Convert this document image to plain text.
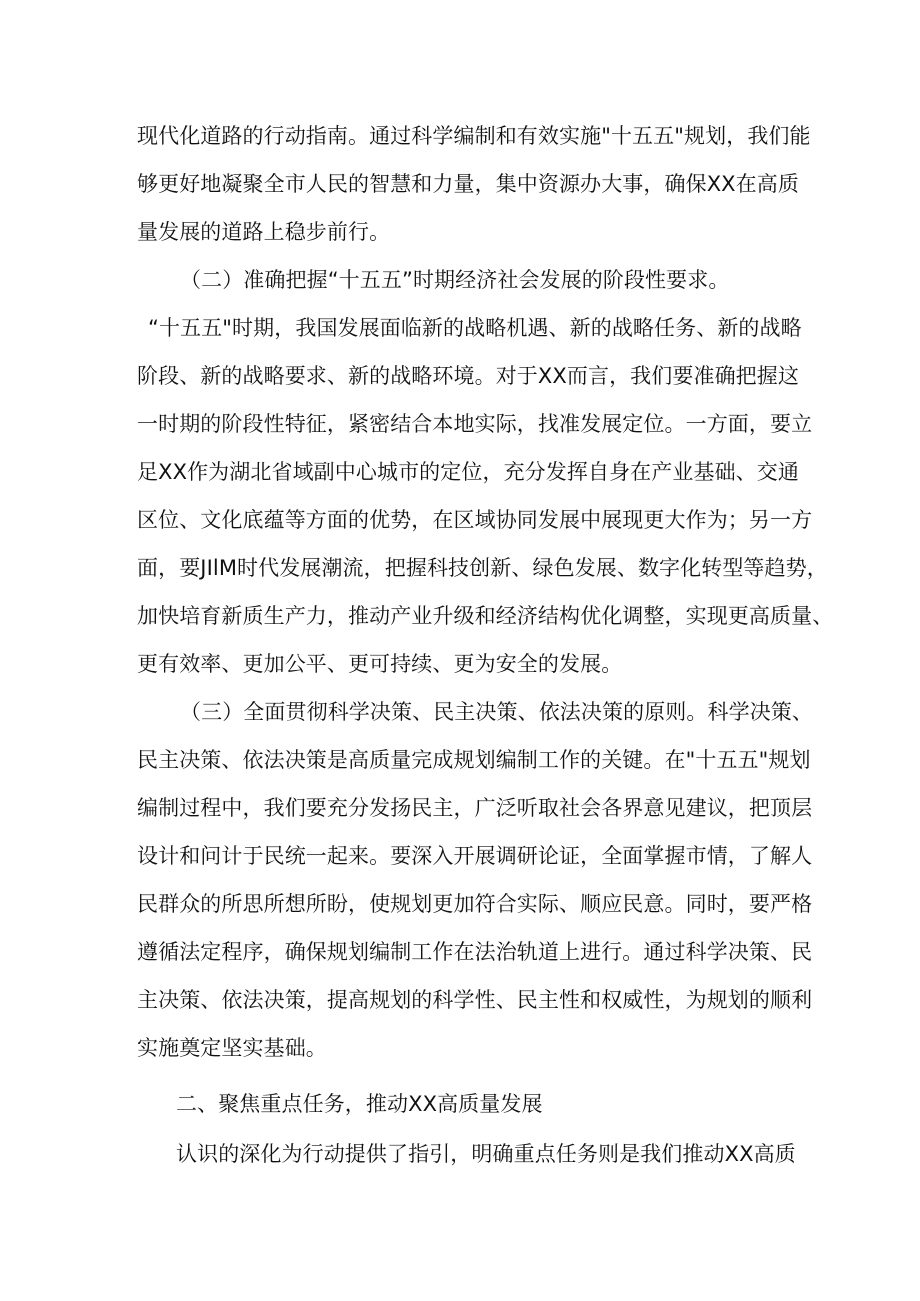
现代化道路的行动指南。通过科学编制和有效实施"十五五"规划，我们能
够更好地凝聚全市人民的智慧和力量，集中资源办大事，确保XX在高质
量发展的道路上稳步前行。
（二）准确把握“十五五”时期经济社会发展的阶段性要求。
“十五五"时期，我国发展面临新的战略机遇、新的战略任务、新的战略
阶段、新的战略要求、新的战略环境。对于XX而言，我们要准确把握这
一时期的阶段性特征，紧密结合本地实际，找准发展定位。一方面，要立
足XX作为湖北省域副中心城市的定位，充分发挥自身在产业基础、交通
区位、文化底蕴等方面的优势，在区域协同发展中展现更大作为；另一方
面，要JIlM时代发展潮流，把握科技创新、绿色发展、数字化转型等趋势，
加快培育新质生产力，推动产业升级和经济结构优化调整，实现更高质量、
更有效率、更加公平、更可持续、更为安全的发展。
（三）全面贯彻科学决策、民主决策、依法决策的原则。科学决策、
民主决策、依法决策是高质量完成规划编制工作的关键。在"十五五"规划
编制过程中，我们要充分发扬民主，广泛听取社会各界意见建议，把顶层
设计和问计于民统一起来。要深入开展调研论证，全面掌握市情，了解人
民群众的所思所想所盼，使规划更加符合实际、顺应民意。同时，要严格
遵循法定程序，确保规划编制工作在法治轨道上进行。通过科学决策、民
主决策、依法决策，提高规划的科学性、民主性和权威性，为规划的顺利
实施奠定坚实基础。
二、聚焦重点任务，推动XX高质量发展
认识的深化为行动提供了指引，明确重点任务则是我们推动XX高质
